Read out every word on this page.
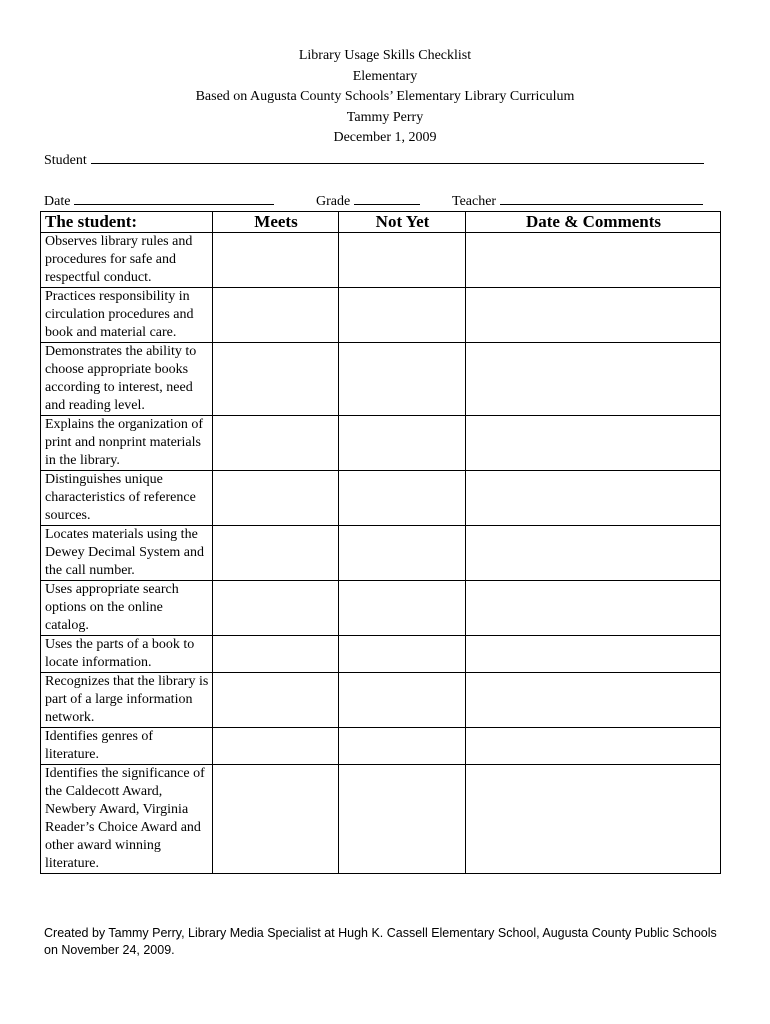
Library Usage Skills Checklist
Elementary
Based on Augusta County Schools’ Elementary Library Curriculum
Tammy Perry
December 1, 2009
Student
Date	Grade	Teacher
The student:	Meets	Not Yet	Date & Comments
Observes library rules and procedures for safe and respectful conduct.			
Practices responsibility in circulation procedures and book and material care.			
Demonstrates the ability to choose appropriate books according to interest, need and reading level.			
Explains the organization of print and nonprint materials in the library.			
Distinguishes unique characteristics of reference sources.			
Locates materials using the Dewey Decimal System and the call number.			
Uses appropriate search options on the online catalog.			
Uses the parts of a book to locate information.			
Recognizes that the library is part of a large information network.			
Identifies genres of literature.			
Identifies the significance of the Caldecott Award, Newbery Award, Virginia Reader’s Choice Award and other award winning literature.			
Created by Tammy Perry, Library Media Specialist at Hugh K. Cassell Elementary School, Augusta County Public Schools on November 24, 2009.
